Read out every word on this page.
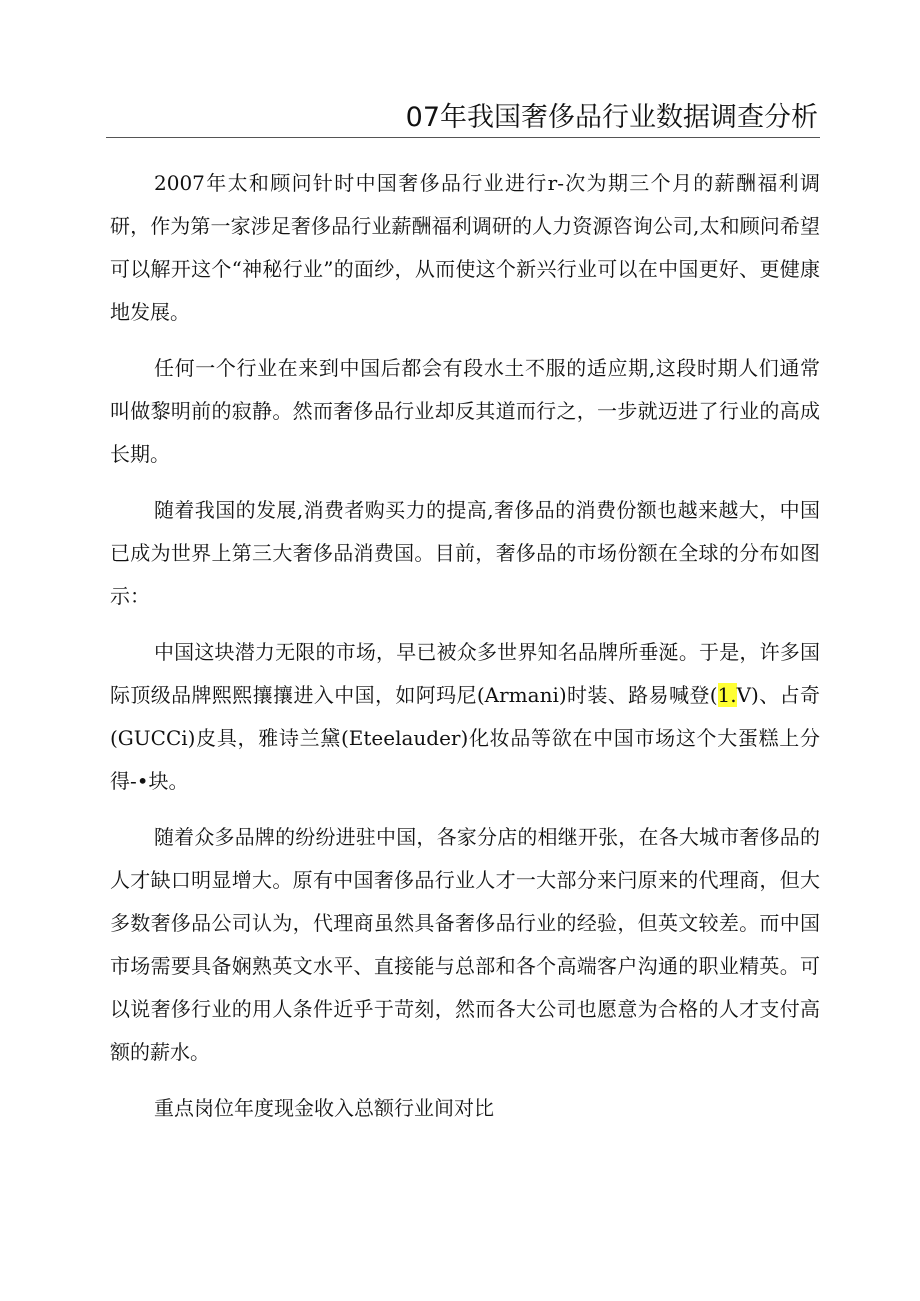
07年我国奢侈品行业数据调查分析

2007年太和顾问针时中国奢侈品行业进行r-次为期三个月的薪酬福利调研，作为第一家涉足奢侈品行业薪酬福利调研的人力资源咨询公司,太和顾问希望可以解开这个“神秘行业”的面纱，从而使这个新兴行业可以在中国更好、更健康地发展。

任何一个行业在来到中国后都会有段水土不服的适应期,这段时期人们通常叫做黎明前的寂静。然而奢侈品行业却反其道而行之，一步就迈进了行业的高成长期。

随着我国的发展,消费者购买力的提高,奢侈品的消费份额也越来越大，中国已成为世界上第三大奢侈品消费国。目前，奢侈品的市场份额在全球的分布如图示：

中国这块潜力无限的市场，早已被众多世界知名品牌所垂涎。于是，许多国际顶级品牌熙熙攘攘进入中国，如阿玛尼(Armani)时装、路易喊登(1.V)、占奇(GUCCi)皮具，雅诗兰黛(Eteelauder)化妆品等欲在中国市场这个大蛋糕上分得-•块。

随着众多品牌的纷纷进驻中国，各家分店的相继开张，在各大城市奢侈品的人才缺口明显增大。原有中国奢侈品行业人才一大部分来闩原来的代理商，但大多数奢侈品公司认为，代理商虽然具备奢侈品行业的经验，但英文较差。而中国市场需要具备娴熟英文水平、直接能与总部和各个高端客户沟通的职业精英。可以说奢侈行业的用人条件近乎于苛刻，然而各大公司也愿意为合格的人才支付高额的薪水。

重点岗位年度现金收入总额行业间对比
